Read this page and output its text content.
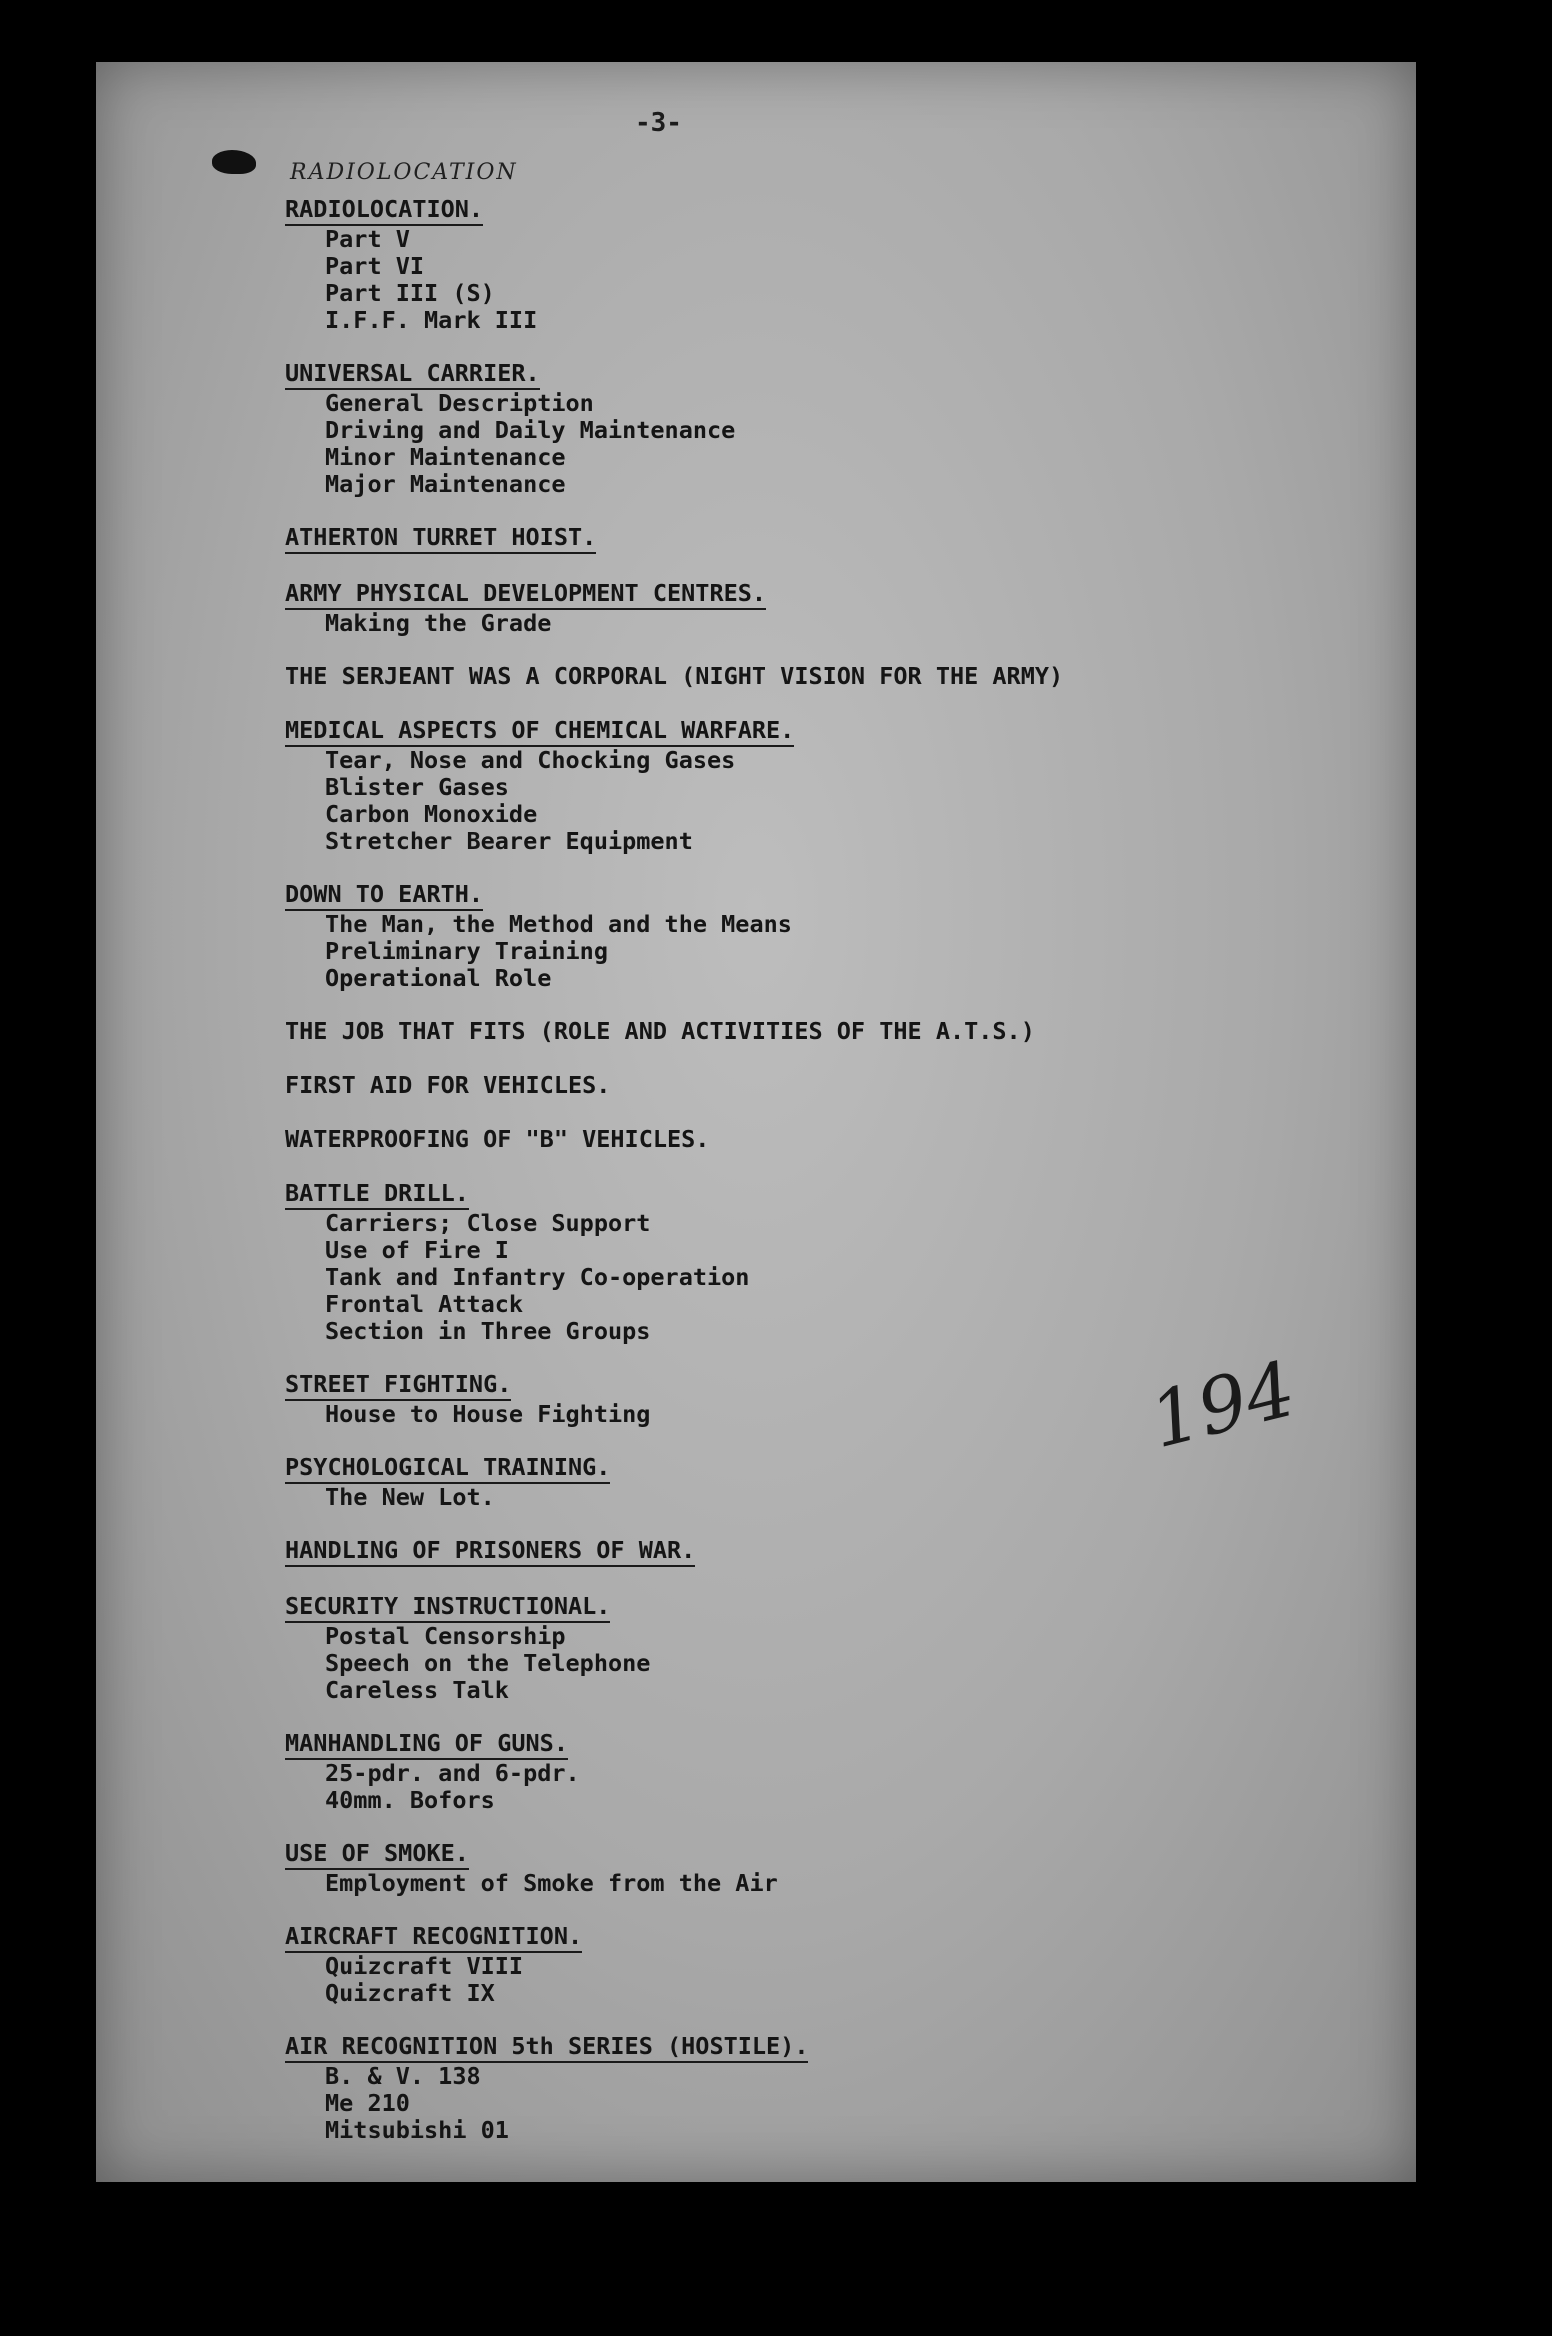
-3-
RADIOLOCATION
194
RADIOLOCATION.
Part V
Part VI
Part III (S)
I.F.F. Mark III
UNIVERSAL CARRIER.
General Description
Driving and Daily Maintenance
Minor Maintenance
Major Maintenance
ATHERTON TURRET HOIST.
ARMY PHYSICAL DEVELOPMENT CENTRES.
Making the Grade
THE SERJEANT WAS A CORPORAL (NIGHT VISION FOR THE ARMY)
MEDICAL ASPECTS OF CHEMICAL WARFARE.
Tear, Nose and Chocking Gases
Blister Gases
Carbon Monoxide
Stretcher Bearer Equipment
DOWN TO EARTH.
The Man, the Method and the Means
Preliminary Training
Operational Role
THE JOB THAT FITS (ROLE AND ACTIVITIES OF THE A.T.S.)
FIRST AID FOR VEHICLES.
WATERPROOFING OF "B" VEHICLES.
BATTLE DRILL.
Carriers; Close Support
Use of Fire I
Tank and Infantry Co-operation
Frontal Attack
Section in Three Groups
STREET FIGHTING.
House to House Fighting
PSYCHOLOGICAL TRAINING.
The New Lot.
HANDLING OF PRISONERS OF WAR.
SECURITY INSTRUCTIONAL.
Postal Censorship
Speech on the Telephone
Careless Talk
MANHANDLING OF GUNS.
25-pdr. and 6-pdr.
40mm. Bofors
USE OF SMOKE.
Employment of Smoke from the Air
AIRCRAFT RECOGNITION.
Quizcraft VIII
Quizcraft IX
AIR RECOGNITION 5th SERIES (HOSTILE).
B. & V. 138
Me 210
Mitsubishi 01
